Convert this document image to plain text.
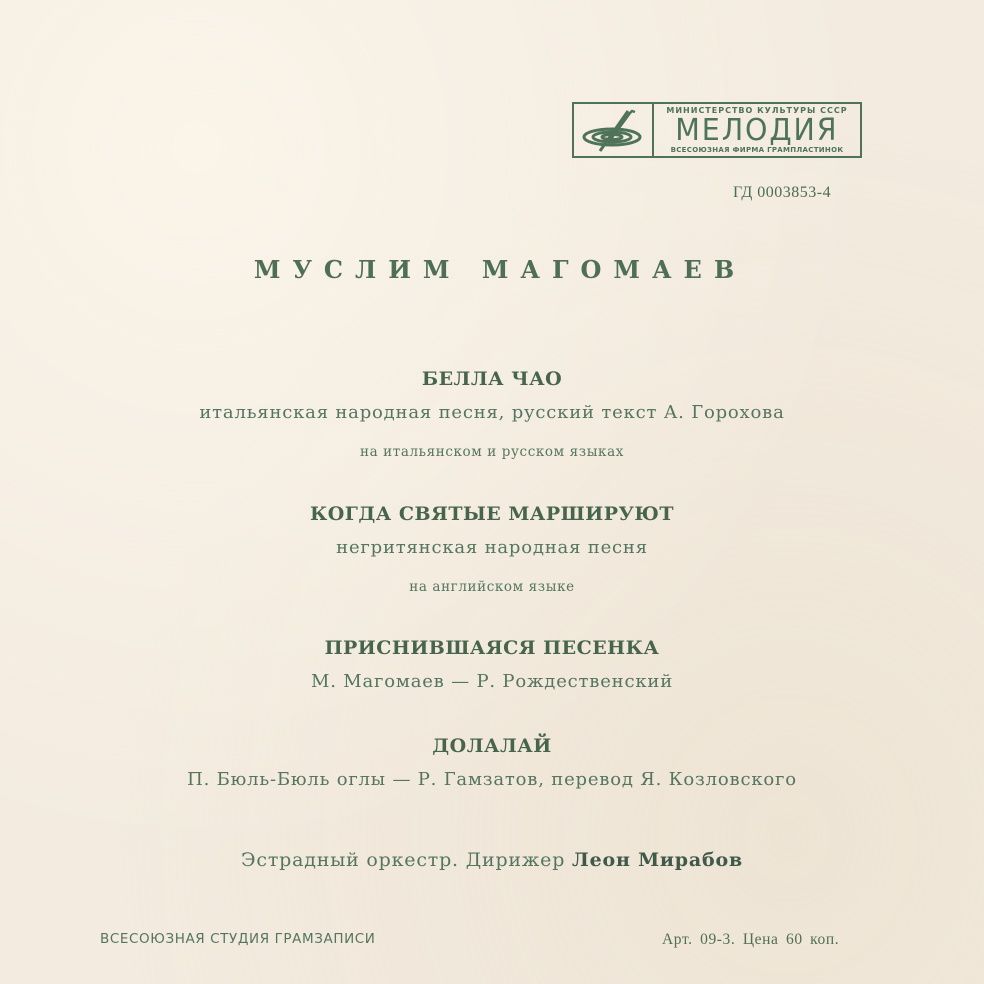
МИНИСТЕРСТВО КУЛЬТУРЫ СССР
МЕЛОДИЯ
ВСЕСОЮЗНАЯ ФИРМА ГРАМПЛАСТИНОК
ГД 0003853-4
МУСЛИМ МАГОМАЕВ
БЕЛЛА ЧАО
итальянская народная песня, русский текст А. Горохова
на итальянском и русском языках
КОГДА СВЯТЫЕ МАРШИРУЮТ
негритянская народная песня
на английском языке
ПРИСНИВШАЯСЯ ПЕСЕНКА
М. Магомаев — Р. Рождественский
ДОЛАЛАЙ
П. Бюль-Бюль оглы — Р. Гамзатов, перевод Я. Козловского
Эстрадный оркестр. Дирижер Леон Мирабов
ВСЕСОЮЗНАЯ СТУДИЯ ГРАМЗАПИСИ	Арт. 09-3. Цена 60 коп.
